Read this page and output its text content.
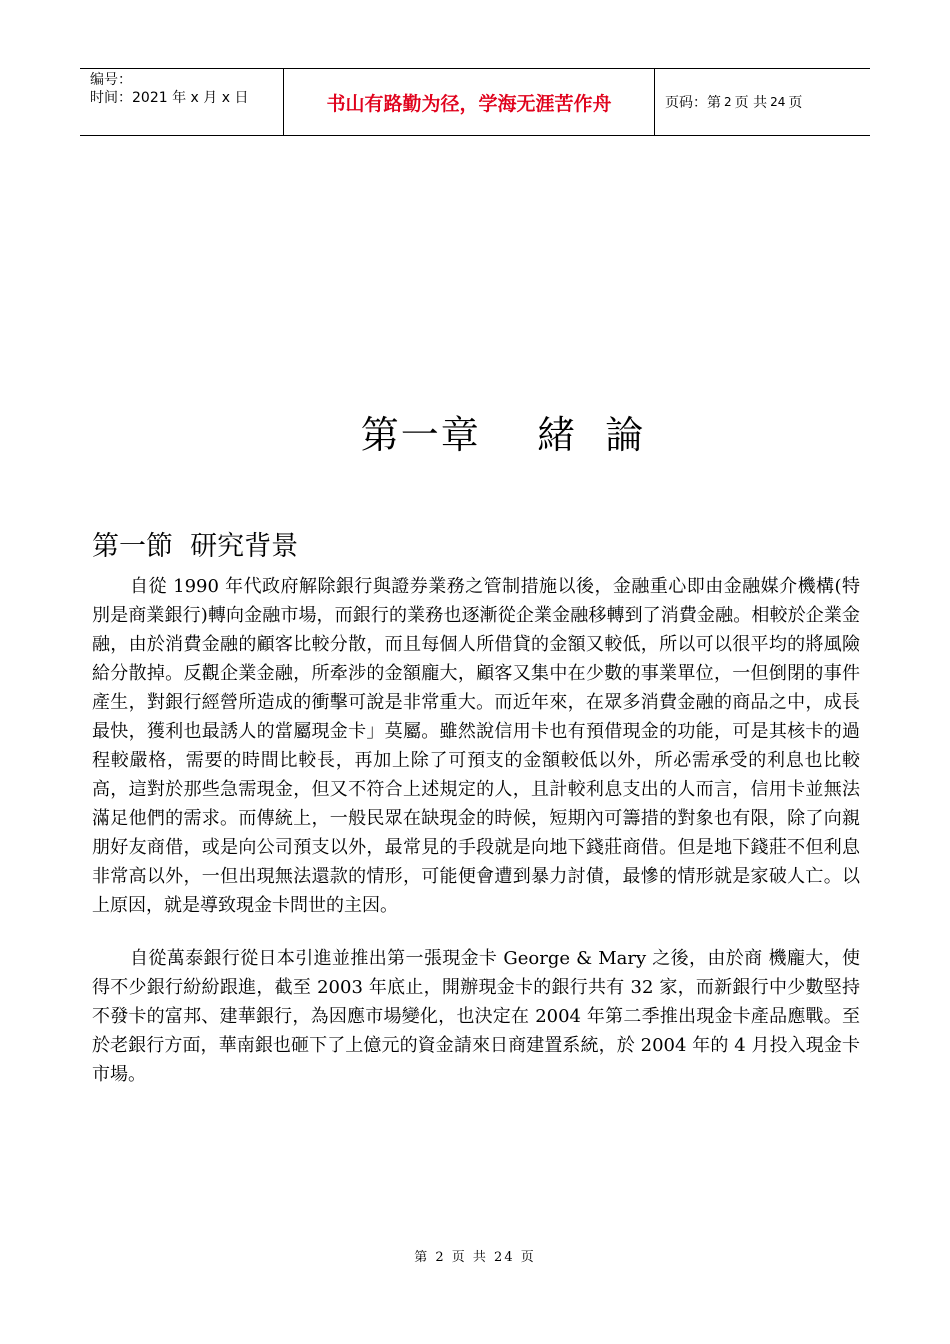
编号：
时间：2021 年 x 月 x 日	书山有路勤为径，学海无涯苦作舟	页码：第 2 页 共 24 页
第一章    緒  論
第一節  研究背景

自從 1990 年代政府解除銀行與證券業務之管制措施以後，金融重心即由金融媒介機構(特別是商業銀行)轉向金融市場，而銀行的業務也逐漸從企業金融移轉到了消費金融。相較於企業金融，由於消費金融的顧客比較分散，而且每個人所借貸的金額又較低，所以可以很平均的將風險給分散掉。反觀企業金融，所牽涉的金額龐大，顧客又集中在少數的事業單位，一但倒閉的事件產生，對銀行經營所造成的衝擊可說是非常重大。而近年來，在眾多消費金融的商品之中，成長最快，獲利也最誘人的當屬現金卡」莫屬。雖然說信用卡也有預借現金的功能，可是其核卡的過程較嚴格，需要的時間比較長，再加上除了可預支的金額較低以外，所必需承受的利息也比較高，這對於那些急需現金，但又不符合上述規定的人，且計較利息支出的人而言，信用卡並無法滿足他們的需求。而傳統上，一般民眾在缺現金的時候，短期內可籌措的對象也有限，除了向親朋好友商借，或是向公司預支以外，最常見的手段就是向地下錢莊商借。但是地下錢莊不但利息非常高以外，一但出現無法還款的情形，可能便會遭到暴力討債，最慘的情形就是家破人亡。以上原因，就是導致現金卡問世的主因。

自從萬泰銀行從日本引進並推出第一張現金卡 George & Mary 之後，由於商 機龐大，使得不少銀行紛紛跟進，截至 2003 年底止，開辦現金卡的銀行共有 32 家，而新銀行中少數堅持不發卡的富邦、建華銀行，為因應市場變化，也決定在 2004 年第二季推出現金卡產品應戰。至於老銀行方面，華南銀也砸下了上億元的資金請來日商建置系統，於 2004 年的 4 月投入現金卡市場。

第 2 页 共 24 页
